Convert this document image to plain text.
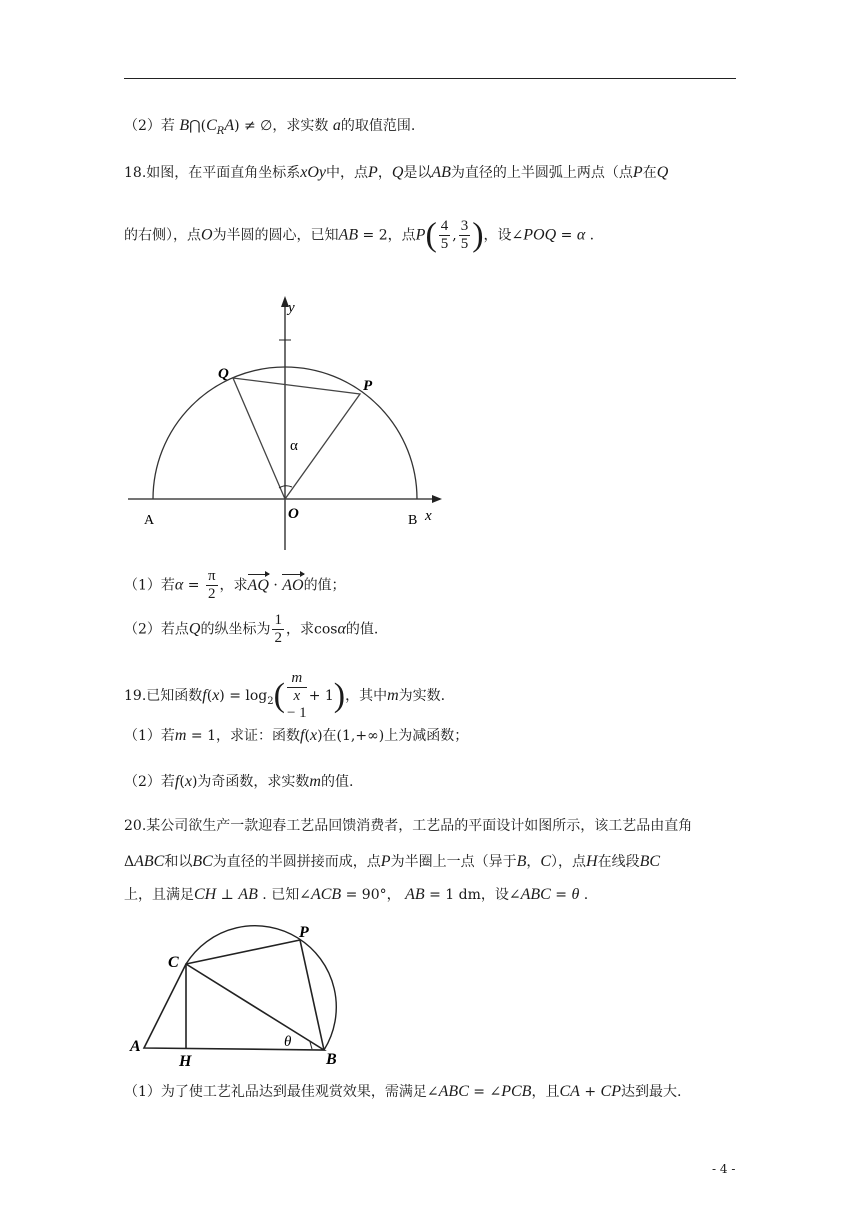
（2）若 $B⋂(C_RA)$ ≠ ∅，求实数 a的取值范围.
18.如图，在平面直角坐标系xOy中，点P，Q是以AB为直径的上半圆弧上两点（点P在Q
的右侧），点O为半圆的圆心，已知AB = 2，点$P( \frac{4}{5}$ , $\frac{3}{5}$ )，设∠POQ = α .
y
x
A	B
O
P
Q
α
（1）若$\alpha = \frac{\pi}{2}$ ，求AQ · AO的值；
（2）若点Q的纵坐标为 $\frac{1}{2}$ ，求cosα的值.
19.已知函数$f(x) = \log_2$( m
x
− 1 + 1)，其中m为实数.
（1）若m = 1，求证：函数f(x)在(1,+∞)上为减函数；
（2）若f(x)为奇函数，求实数m的值.
20.某公司欲生产一款迎春工艺品回馈消费者，工艺品的平面设计如图所示，该工艺品由直角
ΔABC和以BC为直径的半圆拼接而成，点P为半圈上一点（异于B，C），点H在线段BC
上，且满足CH ⊥ AB . 已知∠ACB = 90°， AB = 1 dm，设∠ABC = θ .
A
B
C
H
P
θ
（1）为了使工艺礼品达到最佳观赏效果，需满足∠ABC = ∠PCB，且CA + CP达到最大.
- 4 -
